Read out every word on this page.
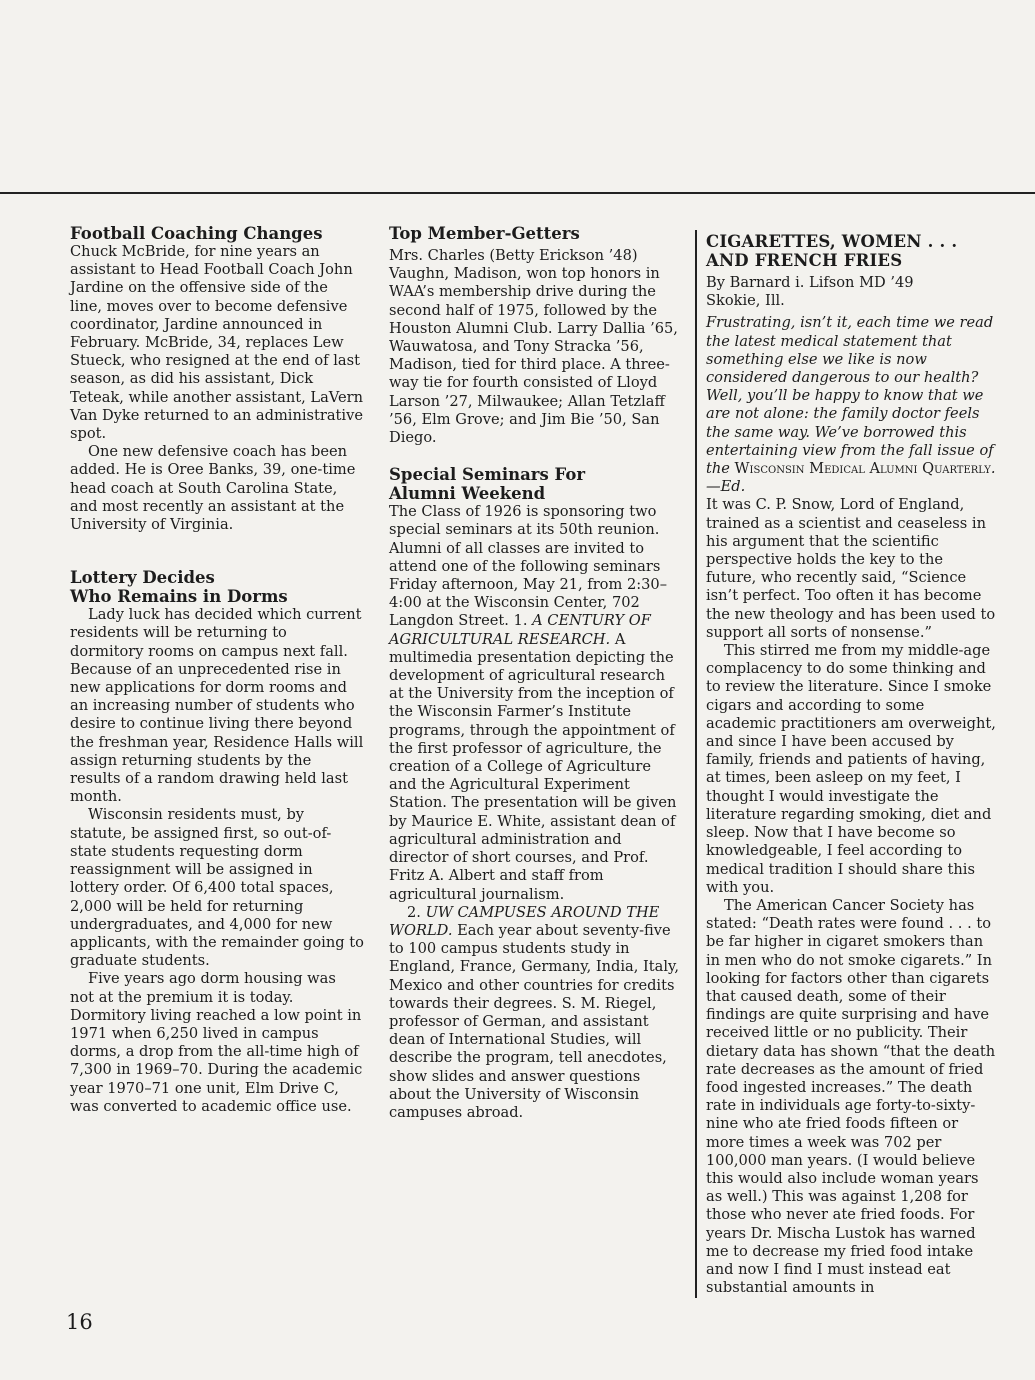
Football Coaching Changes

Chuck McBride, for nine years an assistant to Head Football Coach John Jardine on the offensive side of the line, moves over to become defensive coordinator, Jardine announced in February. McBride, 34, replaces Lew Stueck, who resigned at the end of last season, as did his assistant, Dick Teteak, while another assistant, LaVern Van Dyke returned to an administrative spot.

One new defensive coach has been added. He is Oree Banks, 39, one-time head coach at South Carolina State, and most recently an assistant at the University of Virginia.

Lottery Decides
Who Remains in Dorms

Lady luck has decided which current residents will be returning to dormitory rooms on campus next fall. Because of an unprecedented rise in new applications for dorm rooms and an increasing number of students who desire to continue living there beyond the freshman year, Residence Halls will assign returning students by the results of a random drawing held last month.

Wisconsin residents must, by statute, be assigned first, so out-of-state students requesting dorm reassignment will be assigned in lottery order. Of 6,400 total spaces, 2,000 will be held for returning undergraduates, and 4,000 for new applicants, with the remainder going to graduate students.

Five years ago dorm housing was not at the premium it is today. Dormitory living reached a low point in 1971 when 6,250 lived in campus dorms, a drop from the all-time high of 7,300 in 1969–70. During the academic year 1970–71 one unit, Elm Drive C, was converted to academic office use.

Top Member-Getters

Mrs. Charles (Betty Erickson ’48) Vaughn, Madison, won top honors in WAA’s membership drive during the second half of 1975, followed by the Houston Alumni Club. Larry Dallia ’65, Wauwatosa, and Tony Stracka ’56, Madison, tied for third place. A three-way tie for fourth consisted of Lloyd Larson ’27, Milwaukee; Allan Tetzlaff ’56, Elm Grove; and Jim Bie ’50, San Diego.

Special Seminars For
Alumni Weekend

The Class of 1926 is sponsoring two special seminars at its 50th reunion. Alumni of all classes are invited to attend one of the following seminars Friday afternoon, May 21, from 2:30–4:00 at the Wisconsin Center, 702 Langdon Street. 1. A CENTURY OF AGRICULTURAL RESEARCH. A multimedia presentation depicting the development of agricultural research at the University from the inception of the Wisconsin Farmer’s Institute programs, through the appointment of the first professor of agriculture, the creation of a College of Agriculture and the Agricultural Experiment Station. The presentation will be given by Maurice E. White, assistant dean of agricultural administration and director of short courses, and Prof. Fritz A. Albert and staff from agricultural journalism.

2. UW CAMPUSES AROUND THE WORLD. Each year about seventy-five to 100 campus students study in England, France, Germany, India, Italy, Mexico and other countries for credits towards their degrees. S. M. Riegel, professor of German, and assistant dean of International Studies, will describe the program, tell anecdotes, show slides and answer questions about the University of Wisconsin campuses abroad.

CIGARETTES, WOMEN . . .
AND FRENCH FRIES

By Barnard i. Lifson MD ’49
Skokie, Ill.

Frustrating, isn’t it, each time we read the latest medical statement that something else we like is now considered dangerous to our health? Well, you’ll be happy to know that we are not alone: the family doctor feels the same way. We’ve borrowed this entertaining view from the fall issue of the Wisconsin Medical Alumni Quarterly.—Ed.

It was C. P. Snow, Lord of England, trained as a scientist and ceaseless in his argument that the scientific perspective holds the key to the future, who recently said, “Science isn’t perfect. Too often it has become the new theology and has been used to support all sorts of nonsense.”

This stirred me from my middle-age complacency to do some thinking and to review the literature. Since I smoke cigars and according to some academic practitioners am overweight, and since I have been accused by family, friends and patients of having, at times, been asleep on my feet, I thought I would investigate the literature regarding smoking, diet and sleep. Now that I have become so knowledgeable, I feel according to medical tradition I should share this with you.

The American Cancer Society has stated: “Death rates were found . . . to be far higher in cigaret smokers than in men who do not smoke cigarets.” In looking for factors other than cigarets that caused death, some of their findings are quite surprising and have received little or no publicity. Their dietary data has shown “that the death rate decreases as the amount of fried food ingested increases.” The death rate in individuals age forty-to-sixty-nine who ate fried foods fifteen or more times a week was 702 per 100,000 man years. (I would believe this would also include woman years as well.) This was against 1,208 for those who never ate fried foods. For years Dr. Mischa Lustok has warned me to decrease my fried food intake and now I find I must instead eat substantial amounts in

16
